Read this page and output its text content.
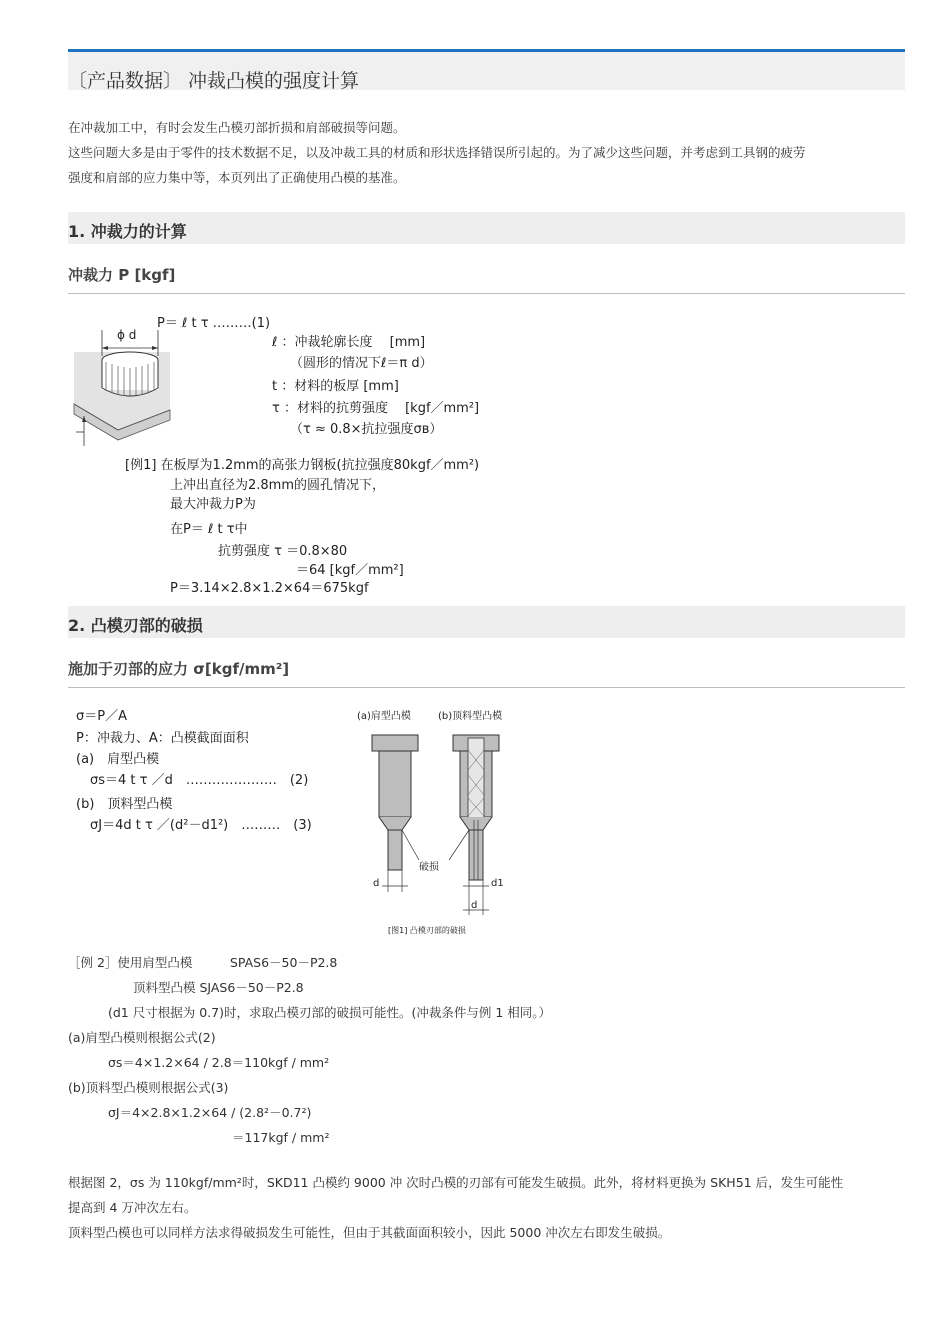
〔产品数据〕 冲裁凸模的强度计算
在冲裁加工中，有时会发生凸模刃部折损和肩部破损等问题。
这些问题大多是由于零件的技术数据不足，以及冲裁工具的材质和形状选择错误所引起的。为了减少这些问题，并考虑到工具钢的疲劳
强度和肩部的应力集中等，本页列出了正确使用凸模的基准。
1. 冲裁力的计算
冲裁力 P [kgf]
ϕ d
P＝ ℓ t τ ………(1)
ℓ ：冲裁轮廓长度　 [mm]
（圆形的情况下ℓ＝π d）
t ：材料的板厚 [mm]
τ ：材料的抗剪强度　 [kgf／mm²]
（τ ≈ 0.8×抗拉强度σʙ）
[例1] 在板厚为1.2mm的高张力钢板(抗拉强度80kgf／mm²)
上冲出直径为2.8mm的圆孔情况下，
最大冲裁力P为
在P＝ ℓ t τ中
抗剪强度 τ ＝0.8×80
＝64 [kgf／mm²]
P＝3.14×2.8×1.2×64＝675kgf
2. 凸模刃部的破损
施加于刃部的应力 σ[kgf/mm²]
σ＝P／A
P：冲裁力、A：凸模截面面积
(a)　肩型凸模
σs＝4 t τ ／d　…………………　(2)
(b)　顶料型凸模
σJ＝4d t τ ／(d²－d1²)　………　(3)
(a)肩型凸模	(b)顶料型凸模
破损
d	d1
d
[图1] 凸模刃部的破损
［例 2］使用肩型凸模　　　SPAS6－50－P2.8
顶料型凸模 SJAS6－50－P2.8
(d1 尺寸根据为 0.7)时，求取凸模刃部的破损可能性。(冲裁条件与例 1 相同。）
(a)肩型凸模则根据公式(2)
σs＝4×1.2×64 / 2.8＝110kgf / mm²
(b)顶料型凸模则根据公式(3)
σJ＝4×2.8×1.2×64 / (2.8²－0.7²)
＝117kgf / mm²
根据图 2，σs 为 110kgf/mm²时，SKD11 凸模约 9000 冲 次时凸模的刃部有可能发生破损。此外，将材料更换为 SKH51 后，发生可能性
提高到 4 万冲次左右。
顶料型凸模也可以同样方法求得破损发生可能性，但由于其截面面积较小，因此 5000 冲次左右即发生破损。
